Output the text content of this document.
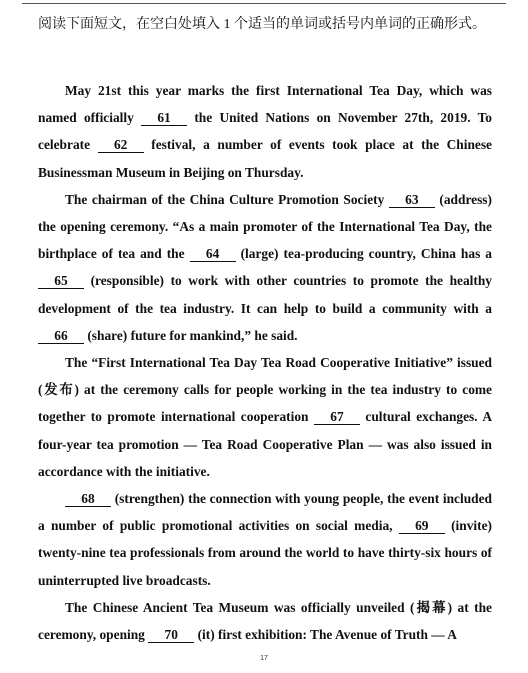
阅读下面短文，在空白处填入 1 个适当的单词或括号内单词的正确形式。

May 21st this year marks the first International Tea Day, which was named officially 61 the United Nations on November 27th, 2019. To celebrate 62 festival, a number of events took place at the Chinese Businessman Museum in Beijing on Thursday.

The chairman of the China Culture Promotion Society 63 (address) the opening ceremony. “As a main promoter of the International Tea Day, the birthplace of tea and the 64 (large) tea-producing country, China has a 65 (responsible) to work with other countries to promote the healthy development of the tea industry. It can help to build a community with a 66 (share) future for mankind,” he said.

The “First International Tea Day Tea Road Cooperative Initiative” issued (发布) at the ceremony calls for people working in the tea industry to come together to promote international cooperation 67 cultural exchanges. A four-year tea promotion — Tea Road Cooperative Plan — was also issued in accordance with the initiative.

68 (strengthen) the connection with young people, the event included a number of public promotional activities on social media, 69 (invite) twenty-nine tea professionals from around the world to have thirty-six hours of uninterrupted live broadcasts.

The Chinese Ancient Tea Museum was officially unveiled (揭幕) at the ceremony, opening 70 (it) first exhibition: The Avenue of Truth — A

17
